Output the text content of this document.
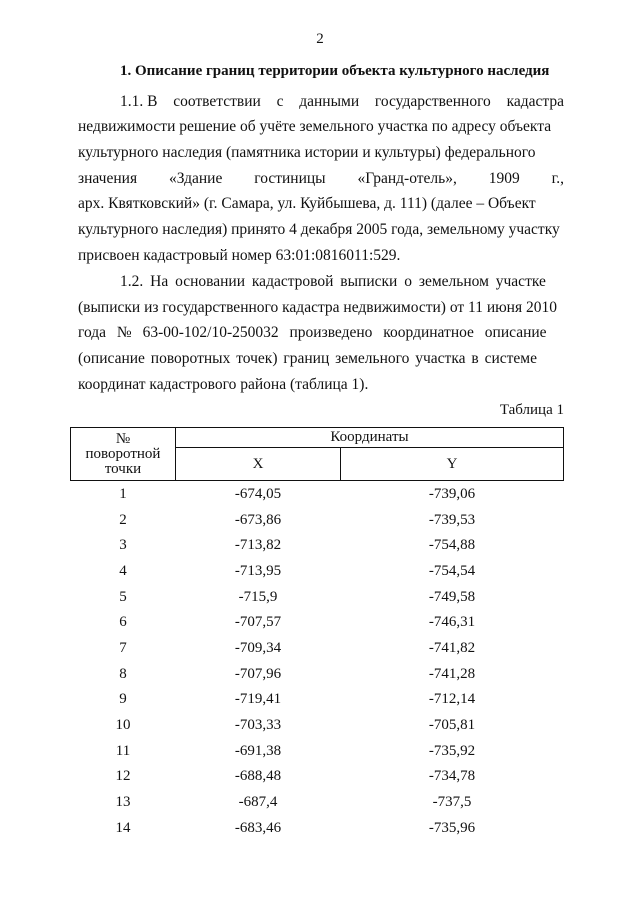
2
1. Описание границ территории объекта культурного наследия
1.1. В соответствии с данными государственного кадастра
недвижимости решение об учёте земельного участка по адресу объекта
культурного наследия (памятника истории и культуры) федерального
значения «Здание гостиницы «Гранд-отель», 1909 г.,
арх. Квятковский» (г. Самара, ул. Куйбышева, д. 111) (далее – Объект
культурного наследия) принято 4 декабря 2005 года, земельному участку
присвоен кадастровый номер 63:01:0816011:529.
1.2. На основании кадастровой выписки о земельном участке
(выписки из государственного кадастра недвижимости) от 11 июня 2010
года № 63-00-102/10-250032 произведено координатное описание
(описание поворотных точек) границ земельного участка в системе
координат кадастрового района (таблица 1).
Таблица 1
№
поворотной
точки	Координаты	
	X	Y
1	-674,05	-739,06
2	-673,86	-739,53
3	-713,82	-754,88
4	-713,95	-754,54
5	-715,9	-749,58
6	-707,57	-746,31
7	-709,34	-741,82
8	-707,96	-741,28
9	-719,41	-712,14
10	-703,33	-705,81
11	-691,38	-735,92
12	-688,48	-734,78
13	-687,4	-737,5
14	-683,46	-735,96
